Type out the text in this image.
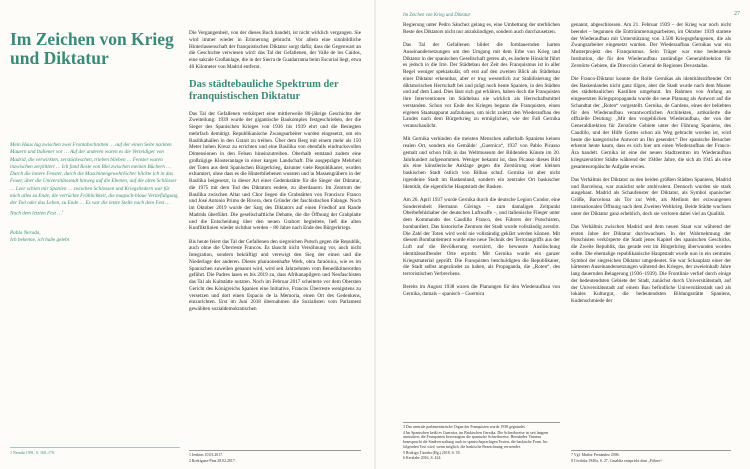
Im Zeichen von Krieg und Diktatur

Mein Haus lag zwischen zwei Frontabschnitten … auf der einen Seite nackten Mauern und Italiener vor … Auf der anderen waren es die Verteidiger von Madrid, die verwirkten, zerstückeschen, trieben blieben … Fenster waren inzwischen zerplittert … Ich fand Reste von Blei zwischen meinen Büchern … Durch die innere Fenster, durch die Maschinengewehrlöcher blickte ich in das Feuer, über die Universitätsstadt hinweg auf die Ebenen, auf die alten Schlösser … Leer schien mir Spanien … zwischen Schlossen und Kriegsliedern war für mich alles zu Ende, die verrückte Fröhlichkeit, die magisch-blaue Vertiefidigung, der Tod oder das Leben, zu Ende … Es war die letzte Stelle nach dem Fest … Nach dem letzten Fest …$^1$

Pablo Neruda,
Ich bekenne, ich habe gelebt
1 Neruda 1991, S. 169–170.

Die Vergangenheit, von der dieses Buch handelt, ist nicht wirklich vergangen. Sie wird immer wieder in Erinnerung gebracht. Vor allem eine sinnbildliche Hinterlassenschaft der franquistischen Diktatur sorgt dafür, dass die Gegenwart an die Geschichte verwiesen wird: das Tal der Gefallenen, der Valle de los Caídos, eine sakrale Großanlage, die in der Sierra de Guadarrama beim Escorial liegt, etwa 40 Kilometer von Madrid entfernt.

Das städtebauliche Spektrum der franquistischen Diktatur

Das Tal der Gefallenen verkörpert eine mittlerweile 80-jährige Geschichte der Zweiteilung: 1939 wurde der gigantische Baukomplex festgeschrieben, der die Sieger des Spanischen Krieges von 1936 bis 1939 ehrt und die Besiegten mehrfach demütigt. Republikanische Zwangsarbeiter wurden eingesetzt, um ein Basilikahallen in den Granit zu treiben. Über dem Berg mit einem mehr als 150 Meter hohen Kreuz zu errichten und eine Basilika von ebenfalls eindrucksvollen Dimensionen in den Felsen hineinzutreiben. Oberhalb entstand zudem eine großzügige Klosteranlage in einer kargen Landschaft. Die ausgeprägte Mehrheit der Toten aus dem Spanischen Bürgerkrieg, darunter viele Republikaner, wurden exhumiert, ohne dass es die Hinterbliebenen wussten und in Massengräbern in der Basilika beigesetzt, in dieser Art einer Gedenkstätte für die Sieger der Diktatur, die 1975 mit dem Tod des Diktators endete, zu überdauern. Im Zentrum der Basilika zwischen Altar und Chor liegen die Grabstätten von Francisco Franco und José Antonio Primo de Rivera, dem Gründer der faschistischen Falange. Noch im Oktober 2019 wurde der Sarg des Diktators auf einen Friedhof am Rande Madrids überführt. Die gesellschaftliche Debatte, die die Öffnung der Grabplatte und die Entscheidung über den neuen Grabort begleitete, ließ die alten Konfliktlinien wieder sichtbar werden – 80 Jahre nach Ende des Bürgerkriegs.

Bis heute feiert das Tal der Gefallenen den siegreichen Putsch gegen die Republik, auch ohne die Überreste Francos. Es täuscht nicht Versöhnung vor, auch nicht Integration, sondern bekräftigt und verewigt den Sieg der einen und die Niederlage der anderen. Dieses pharaonenhafte Werk, obra faraónica, wie es im Spanischen zuweilen genannt wird, wird seit Jahrzehnten vom Benediktinerorden geführt. Die Padres lasen es bis 2019 zu, dass Afrikanapilgern und Neofaschisten das Tal als Kultstätte nutzten. Noch im Februar 2017 scheiterte vor dem Obersten Gericht des Königreichs Spanien eine Initiative, Francos Überreste wenigstens zu versetzen und dort einen Espacio de la Memoria, einen Ort des Gedenkens, einzurichten. Erst im Juni 2018 übernahmen die Sozialisten vom Parlament gewählten sozialdemokratischen

1 Jenkins 10.03.2017.
2 Rodríguez-Pina 28.02.2017.
Im Zeichen von Krieg und Diktatur	27

Regierung unter Pedro Sánchez gelang es, eine Umbettung der sterblichen Reste des Diktators nicht nur anzukündigen, sondern auch durchzusetzen.

Das Tal der Gefallenen bildet die fortdauernden harten Auseinandersetzungen um den Umgang mit dem Erbe von Krieg und Diktatur in der spanischen Gesellschaft getreu ab, es änderte Hinsicht führt es jedoch in die Irre. Der Städtebau der Zeit des Franquismus ist in aller Regel weniger spektakulär, oft erst auf den zweiten Blick als Städtebau einer Diktatur erkennbar, aber er trug wesentlich zur Stabilisierung der diktatorischen Herrschaft bei und prägt noch heute Spanien, in den Städten und auf dem Land. Dies lässt sich gut erklären, haben doch die Franquisten ihre Interventionen im Städtebau nie wirklich als Herrschaftsmittel verstanden. Schon vor Ende des Krieges begann die Franquisten, einen eigenen Staatsapparat aufzubauen, um nicht zuletzt den Wiederaufbau des Landes nach dem Bürgerkrieg zu ermöglichen, wie der Fall Gernika veranschaulicht.

Mit Gernika verbinden die meisten Menschen außerhalb Spaniens keinen realen Ort, sondern ein Gemälde: „Guernica“, 1937 von Pablo Picasso gemalt und schon früh in das Weltmuseum der Bildenden Künste im 20. Jahrhundert aufgenommen. Weniger bekannt ist, dass Picasso dieses Bild als eine künstlerische Anklage gegen die Zerstörung einer kleinen baskischen Stadt östlich von Bilbao schuf. Gernika ist aber nicht irgendeine Stadt im Baskenland, sondern ein zentraler Ort baskischer Identität, die eigentliche Hauptstadt der Basken.

Am 26. April 1937 wurde Gernika durch die deutsche Legion Condor, eine Sondereinheit Hermann Görings – zum damaligen Zeitpunkt Oberbefehlshaber der deutschen Luftwaffe –, und italienische Flieger unter dem Kommando des Caudillo Franco, des Führers der Putschisten, bombardiert. Das historische Zentrum der Stadt wurde vollständig zerstört. Die Zahl der Toten wird wohl nie vollständig geklärt werden können. Mit diesem Bombardement wurde eine neue Technik des Terrorangriffs aus der Luft auf die Bevölkerung exerziert, die bewusste Auslöschung identitätsstiftender Orte erprobt. Mit Gernika wurde ein ganzer Kriegsmaterial geprüft. Die Franquisten beschuldigten die Republikaner, die Stadt selbst angezündet zu haben, als Propaganda, die „Roten“, des terroristischen Verbrechens.

Bereits im August 1938 waren die Planungen für den Wiederaufbau von Gernika, damals – spanisch – Guernica

3 Das zentrale parlamentarische Organ der Franquisten wurde 1938 gegründet.
4 Im Spanischen heißt es Guernica, im Baskischen Gernika. Die Schreibweise ist seit langem umstritten; die Franquisten bevorzugten die spanische Schreibweise. Hernández Vinuesa beansprucht die Stadtverwaltung auch in spanischsprachigen Texten, die baskische Form. Im folgenden Text wird, wenn möglich, die baskische Bezeichnung verwendet.
5 Rodrigo Tárraba (Hg.) 2018, S. 55.
6 Kerslake 2016, S. 424.

genannt, abgeschlossen. Am 21. Februar 1939 – der Krieg war noch nicht beendet – begannen die Enttrümmerungsarbeiten, im Oktober 1939 startete der Wiederaufbau mit Unterstützung von 3.500 Kriegsgefangenen, die als Zwangsarbeiter eingesetzt wurden. Der Wiederaufbau Gernikas war ein Musterprojekt des Franquismus. Sein Träger war eine bedeutende Institution, die für den Wiederaufbau zuständige Generaldirektion für Zerstörte Gebiete, die Dirección General de Regiones Devastadas.

Die Franco-Diktatur konnte die Rolle Gernikas als identitätsstiftender Ort des Baskenlandes nicht ganz tilgen, aber die Stadt wurde nach dem Muster des städtebaulichen Kastilien umgebaut. Im Rahmen von Anfang an eingesetzten Kriegspropaganda wurde die neue Planung als Antwort auf die Schandtat der „Roten“ vorgestellt. Gernika, de Gardens, eines der beliebten für den Wiederaufbau verantwortlichen Architekten, artikulierte die offizielle Deutung: „Mit den vorgeblichen Wiederaufbau, der von der Generaldirektion für Zerstörte Gebiete unter der Führung Spaniens, des Caudillo, und der Hilfe Gottes schon als Weg gebracht worden ist, wird heute die kategorische Antwort an Ihn gesendet.“ Der spanische Besucher erkennt heute kaum, dass es sich hier um einen Wiederaufbau der Franco-Ära handelt. Gernika ist eine der neuen Stadtzentren im Wiederaufbau kriegszerstörter Städte während der 1940er Jahre, die sich ab 1945 als eine gesamteuropäische Aufgabe erwies.

Das Verhältnis der Diktatur zu den beiden größten Städten Spaniens, Madrid und Barcelona, war zunächst sehr ambivalent. Dennoch wurden sie stark ausgebaut. Madrid als Schaufenster der Diktatur, als Symbol spanischer Größe, Barcelona als Tor zur Welt, als Medium der erzwungenen internationalen Öffnung nach dem Zweiten Weltkrieg. Beide Städte wuchsen unter der Diktatur ganz erheblich, doch sie verloren dabei viel an Qualität.

Das Verhältnis zwischen Madrid und dem neuen Staat war während der ersten Jahre der Diktatur durchwachsen. In der Wahrnehmung der Putschisten verkörperte die Stadt jenes Kapitel des spanischen Geschicks, die Zweite Republik, das gerade erst im Bürgerkrieg überwunden worden sollte. Die ehemalige republikanische Hauptstadt wurde nun in ein zentrales Symbol der siegreichen Diktatur umgedeutet. Sie war Schauplatz einer der härtesten Auseinandersetzungen während des Krieges, der zweieinhalb Jahre lang dauernden Belagerung (1936–1939). Die Frontlinie verlief durch einige der bedeutendsten Gebiete der Stadt, zunächst durch Universitätsstadt, auf der Universitätsstadt auf einem Bau befindliche Universitätsstadt und als lokales Kulturgut, die bedeutendsten Bildungsstätte Spaniens, Kudenschmiede der

7 Vgl. Muñoz Fernández 2006.
8 Córdoba 1940a, S. 27, Casaldiz entspricht dem „Führer“.
